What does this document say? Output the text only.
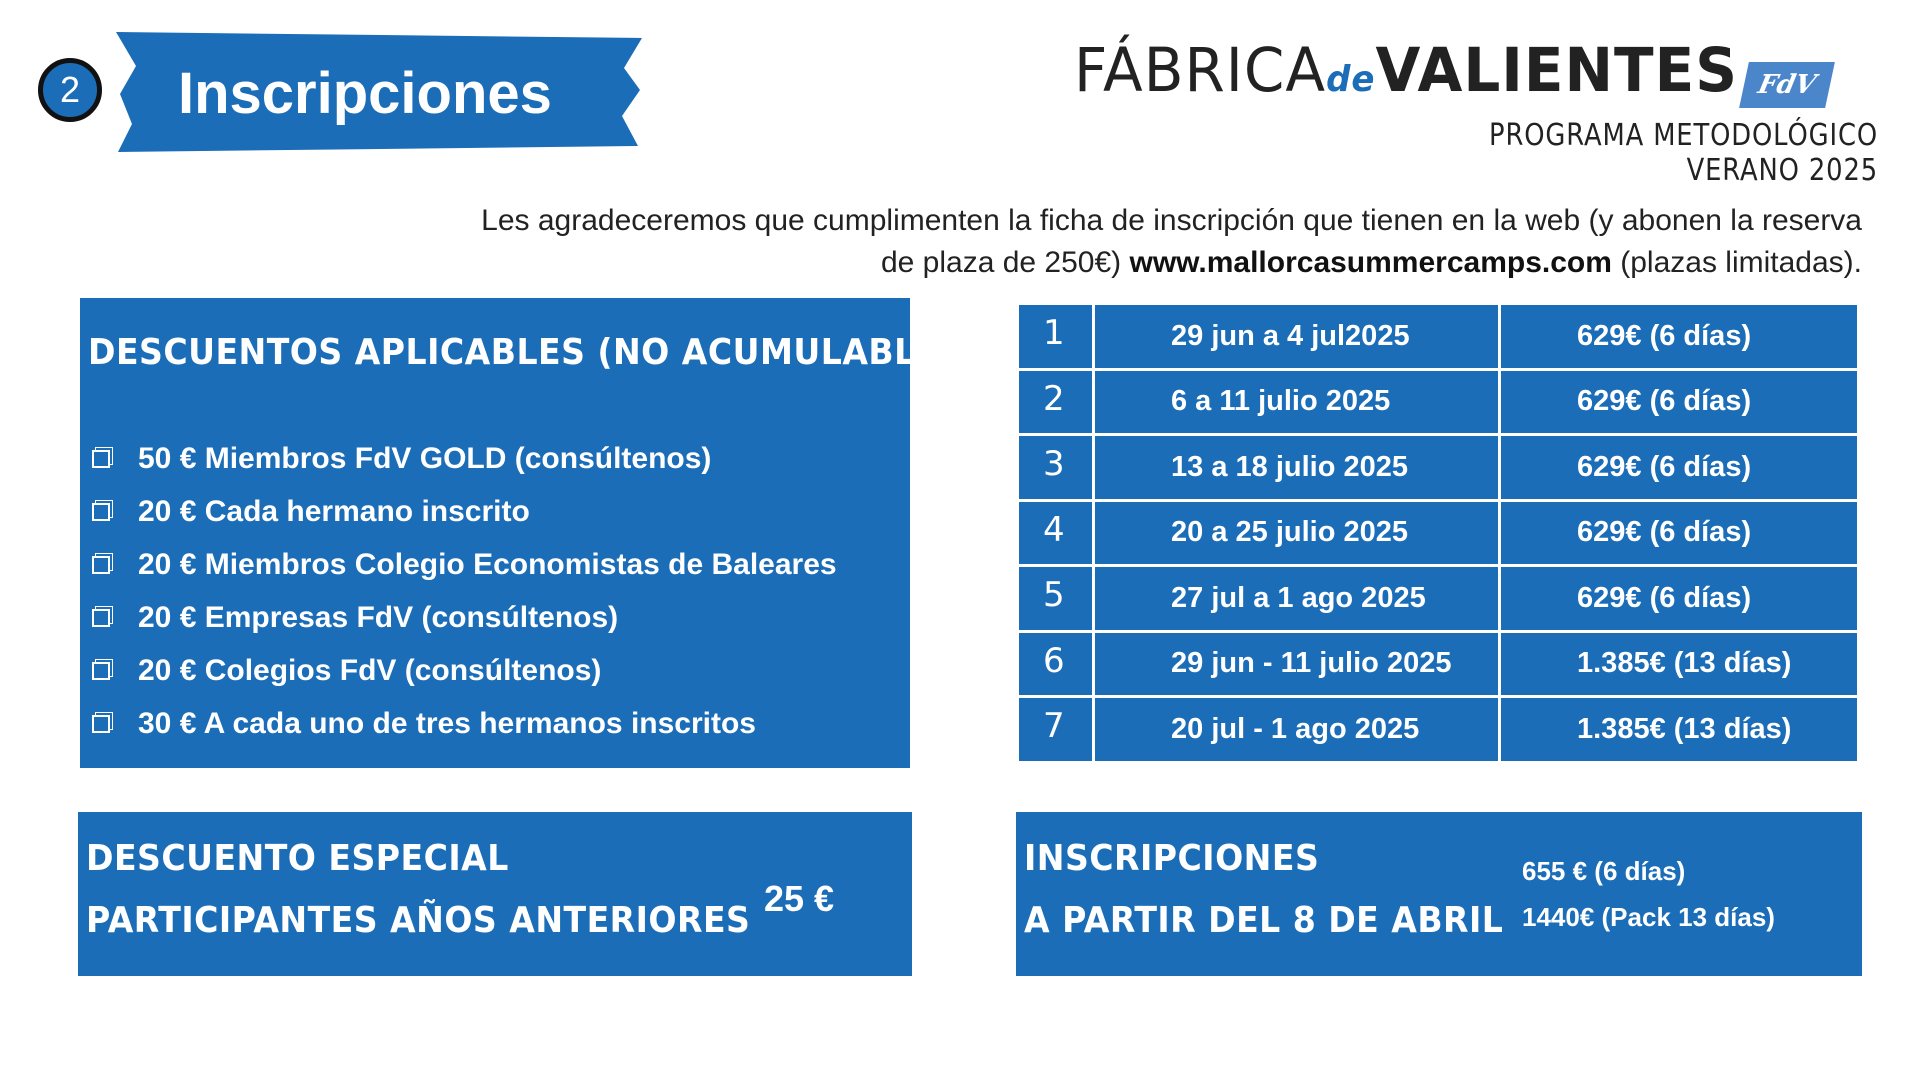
2 Inscripciones	FÁBRICAdeVALIENTES FdV
PROGRAMA METODOLÓGICO VERANO 2025
Les agradeceremos que cumplimenten la ficha de inscripción que tienen en la web (y abonen la reserva de plaza de 250€) www.mallorcasummercamps.com (plazas limitadas).
DESCUENTOS APLICABLES (NO ACUMULABLES)
50 € Miembros FdV GOLD (consúltenos)
20 € Cada hermano inscrito
20 € Miembros Colegio Economistas de Baleares
20 € Empresas FdV (consúltenos)
20 € Colegios FdV (consúltenos)
30 € A cada uno de tres hermanos inscritos
1	29 jun a 4 jul2025	629€ (6 días)
2	6 a 11 julio 2025	629€ (6 días)
3	13 a 18 julio 2025	629€ (6 días)
4	20 a 25 julio 2025	629€ (6 días)
5	27 jul a 1 ago 2025	629€ (6 días)
6	29 jun - 11 julio 2025	1.385€ (13 días)
7	20 jul - 1 ago 2025	1.385€ (13 días)
DESCUENTO ESPECIAL
PARTICIPANTES AÑOS ANTERIORES
25 €
INSCRIPCIONES
A PARTIR DEL 8 DE ABRIL
655 € (6 días)
1440€ (Pack 13 días)
